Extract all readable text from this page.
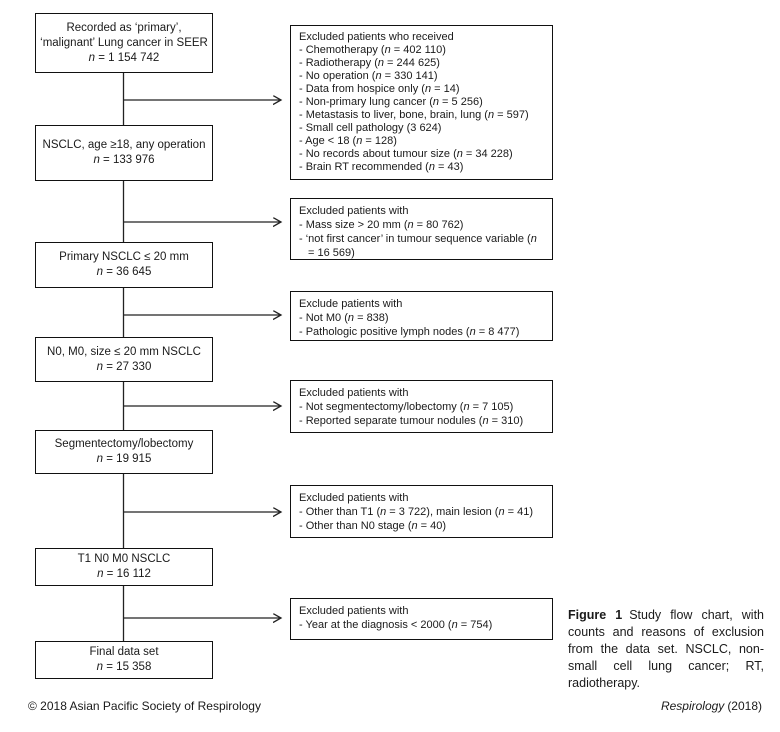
Recorded as ‘primary’,
‘malignant’ Lung cancer in SEER
n = 1 154 742
NSCLC, age ≥18, any operation
n = 133 976
Primary NSCLC ≤ 20 mm
n = 36 645
N0, M0, size ≤ 20 mm NSCLC
n = 27 330
Segmentectomy/lobectomy
n = 19 915
T1 N0 M0 NSCLC
n = 16 112
Final data set
n = 15 358
Excluded patients who received
- Chemotherapy (n = 402 110)
- Radiotherapy (n = 244 625)
- No operation (n = 330 141)
- Data from hospice only (n = 14)
- Non-primary lung cancer (n = 5 256)
- Metastasis to liver, bone, brain, lung (n = 597)
- Small cell pathology (3 624)
- Age < 18 (n = 128)
- No records about tumour size (n = 34 228)
- Brain RT recommended (n = 43)
Excluded patients with
- Mass size > 20 mm (n = 80 762)
- ‘not first cancer’ in tumour sequence variable (n = 16 569)
Exclude patients with
- Not M0 (n = 838)
- Pathologic positive lymph nodes (n = 8 477)
Excluded patients with
- Not segmentectomy/lobectomy (n = 7 105)
- Reported separate tumour nodules (n = 310)
Excluded patients with
- Other than T1 (n = 3 722), main lesion (n = 41)
- Other than N0 stage (n = 40)
Excluded patients with
- Year at the diagnosis < 2000 (n = 754)
Figure 1 Study flow chart, with counts and reasons of exclusion from the data set. NSCLC, non-small cell lung cancer; RT, radiotherapy.
© 2018 Asian Pacific Society of Respirology	Respirology (2018)
